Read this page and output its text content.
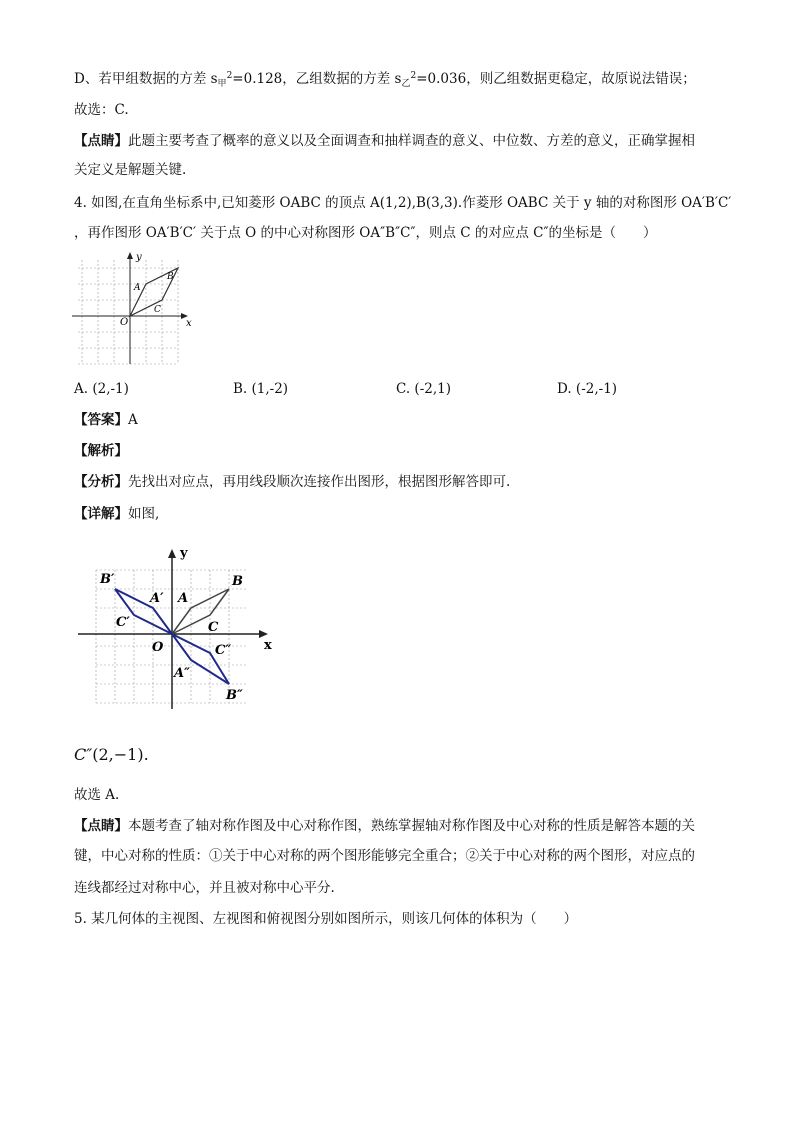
D、若甲组数据的方差 $s_甲^2=0.128$，乙组数据的方差 $s_乙^2=0.036$，则乙组数据更稳定，故原说法错误；
故选：C.
【点睛】此题主要考查了概率的意义以及全面调查和抽样调查的意义、中位数、方差的意义，正确掌握相
关定义是解题关键.
4. 如图,在直角坐标系中,已知菱形 OABC 的顶点 A(1,2),B(3,3).作菱形 OABC 关于 y 轴的对称图形 OA′B′C′
，再作图形 OA′B′C′ 关于点 O 的中心对称图形 OA″B″C″，则点 C 的对应点 C″的坐标是（　　）
y
x
O
A
B
C
A. (2,-1)	B. (1,-2)	C. (-2,1)	D. (-2,-1)
【答案】A
【解析】
【分析】先找出对应点，再用线段顺次连接作出图形，根据图形解答即可.
【详解】如图,
y
x
O
A
B
C
A′
B′
C′
A″
B″
C″
C″(2,−1).
故选 A.
【点睛】本题考查了轴对称作图及中心对称作图，熟练掌握轴对称作图及中心对称的性质是解答本题的关
键，中心对称的性质：①关于中心对称的两个图形能够完全重合；②关于中心对称的两个图形，对应点的
连线都经过对称中心，并且被对称中心平分.
5. 某几何体的主视图、左视图和俯视图分别如图所示，则该几何体的体积为（　　）
